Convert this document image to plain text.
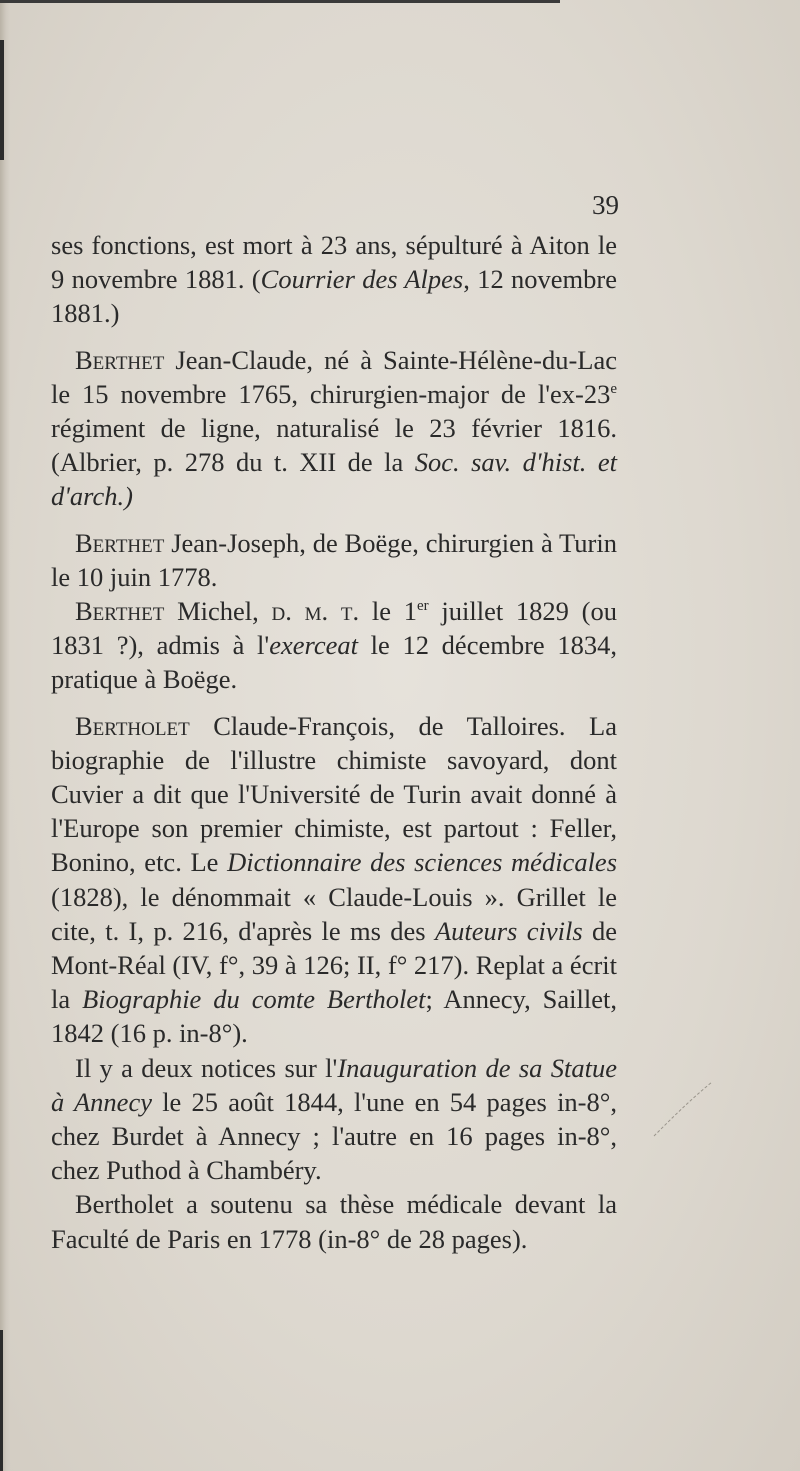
39

ses fonctions, est mort à 23 ans, sépulturé à Aiton le 9 novembre 1881. (Courrier des Alpes, 12 novembre 1881.)

Berthet Jean-Claude, né à Sainte-Hélène-du-Lac le 15 novembre 1765, chirurgien-major de l'ex-23e régiment de ligne, naturalisé le 23 février 1816. (Albrier, p. 278 du t. XII de la Soc. sav. d'hist. et d'arch.)

Berthet Jean-Joseph, de Boëge, chirurgien à Turin le 10 juin 1778.

Berthet Michel, d. m. t. le 1er juillet 1829 (ou 1831 ?), admis à l'exerceat le 12 décembre 1834, pratique à Boëge.

Bertholet Claude-François, de Talloires. La biographie de l'illustre chimiste savoyard, dont Cuvier a dit que l'Université de Turin avait donné à l'Europe son premier chimiste, est partout : Feller, Bonino, etc. Le Dictionnaire des sciences médicales (1828), le dénommait « Claude-Louis ». Grillet le cite, t. I, p. 216, d'après le ms des Auteurs civils de Mont-Réal (IV, f°, 39 à 126; II, f° 217). Replat a écrit la Biographie du comte Bertholet; Annecy, Saillet, 1842 (16 p. in-8°).

Il y a deux notices sur l'Inauguration de sa Statue à Annecy le 25 août 1844, l'une en 54 pages in-8°, chez Burdet à Annecy ; l'autre en 16 pages in-8°, chez Puthod à Chambéry.

Bertholet a soutenu sa thèse médicale devant la Faculté de Paris en 1778 (in-8° de 28 pages).
